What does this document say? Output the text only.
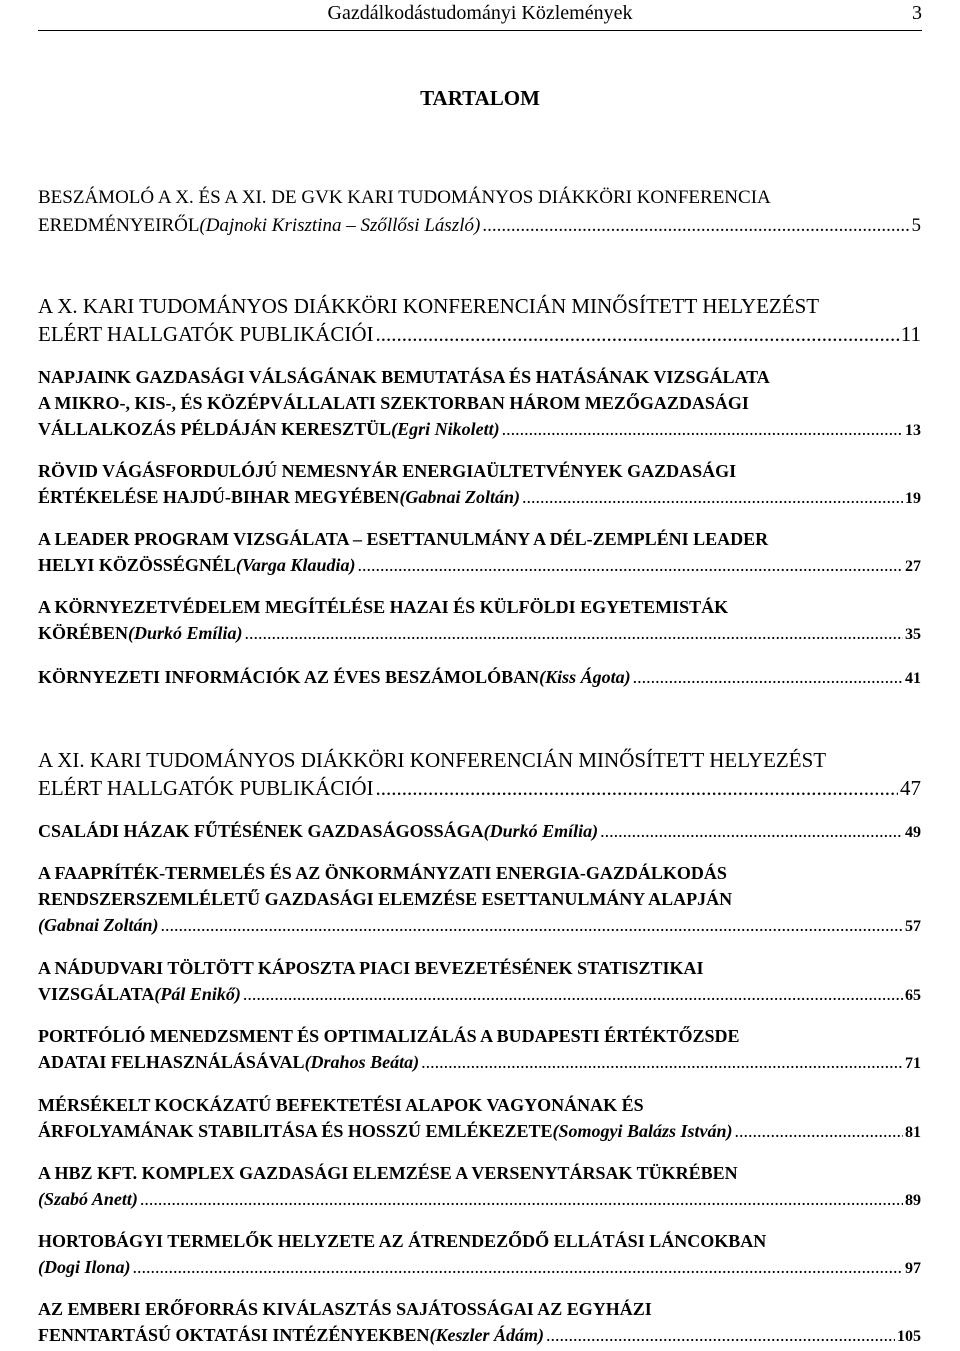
Gazdálkodástudományi Közlemények	3
TARTALOM
BESZÁMOLÓ A X. ÉS A XI. DE GVK KARI TUDOMÁNYOS DIÁKKÖRI KONFERENCIA
EREDMÉNYEIRŐL (Dajnoki Krisztina – Szőllősi László) .....	5
A X. KARI TUDOMÁNYOS DIÁKKÖRI KONFERENCIÁN MINŐSÍTETT HELYEZÉST
ELÉRT HALLGATÓK PUBLIKÁCIÓI .....	11
NAPJAINK GAZDASÁGI VÁLSÁGÁNAK BEMUTATÁSA ÉS HATÁSÁNAK VIZSGÁLATA
A MIKRO-, KIS-, ÉS KÖZÉPVÁLLALATI SZEKTORBAN HÁROM MEZŐGAZDASÁGI
VÁLLALKOZÁS PÉLDÁJÁN KERESZTÜL (Egri Nikolett) .....	13
RÖVID VÁGÁSFORDULÓJÚ NEMESNYÁR ENERGIAÜLTETVÉNYEK GAZDASÁGI
ÉRTÉKELÉSE HAJDÚ-BIHAR MEGYÉBEN (Gabnai Zoltán) .....	19
A LEADER PROGRAM VIZSGÁLATA – ESETTANULMÁNY A DÉL-ZEMPLÉNI LEADER
HELYI KÖZÖSSÉGNÉL (Varga Klaudia) .....	27
A KÖRNYEZETVÉDELEM MEGÍTÉLÉSE HAZAI ÉS KÜLFÖLDI EGYETEMISTÁK
KÖRÉBEN (Durkó Emília) .....	35
KÖRNYEZETI INFORMÁCIÓK AZ ÉVES BESZÁMOLÓBAN (Kiss Ágota) .....	41
A XI. KARI TUDOMÁNYOS DIÁKKÖRI KONFERENCIÁN MINŐSÍTETT HELYEZÉST
ELÉRT HALLGATÓK PUBLIKÁCIÓI .....	47
CSALÁDI HÁZAK FŰTÉSÉNEK GAZDASÁGOSSÁGA (Durkó Emília) .....	49
A FAAPRÍTÉK-TERMELÉS ÉS AZ ÖNKORMÁNYZATI ENERGIA-GAZDÁLKODÁS
RENDSZERSZEMLÉLETŰ GAZDASÁGI ELEMZÉSE ESETTANULMÁNY ALAPJÁN
(Gabnai Zoltán) .....	57
A NÁDUDVARI TÖLTÖTT KÁPOSZTA PIACI BEVEZETÉSÉNEK STATISZTIKAI
VIZSGÁLATA (Pál Enikő) .....	65
PORTFÓLIÓ MENEDZSMENT ÉS OPTIMALIZÁLÁS A BUDAPESTI ÉRTÉKTŐZSDE
ADATAI FELHASZNÁLÁSÁVAL (Drahos Beáta) .....	71
MÉRSÉKELT KOCKÁZATÚ BEFEKTETÉSI ALAPOK VAGYONÁNAK ÉS
ÁRFOLYAMÁNAK STABILITÁSA ÉS HOSSZÚ EMLÉKEZETE (Somogyi Balázs István) .....	81
A HBZ KFT. KOMPLEX GAZDASÁGI ELEMZÉSE A VERSENYTÁRSAK TÜKRÉBEN
(Szabó Anett) .....	89
HORTOBÁGYI TERMELŐK HELYZETE AZ ÁTRENDEZŐDŐ ELLÁTÁSI LÁNCOKBAN
(Dogi Ilona) .....	97
AZ EMBERI ERŐFORRÁS KIVÁLASZTÁS SAJÁTOSSÁGAI AZ EGYHÁZI
FENNTARTÁSÚ OKTATÁSI INTÉZÉNYEKBEN (Keszler Ádám) .....	105
